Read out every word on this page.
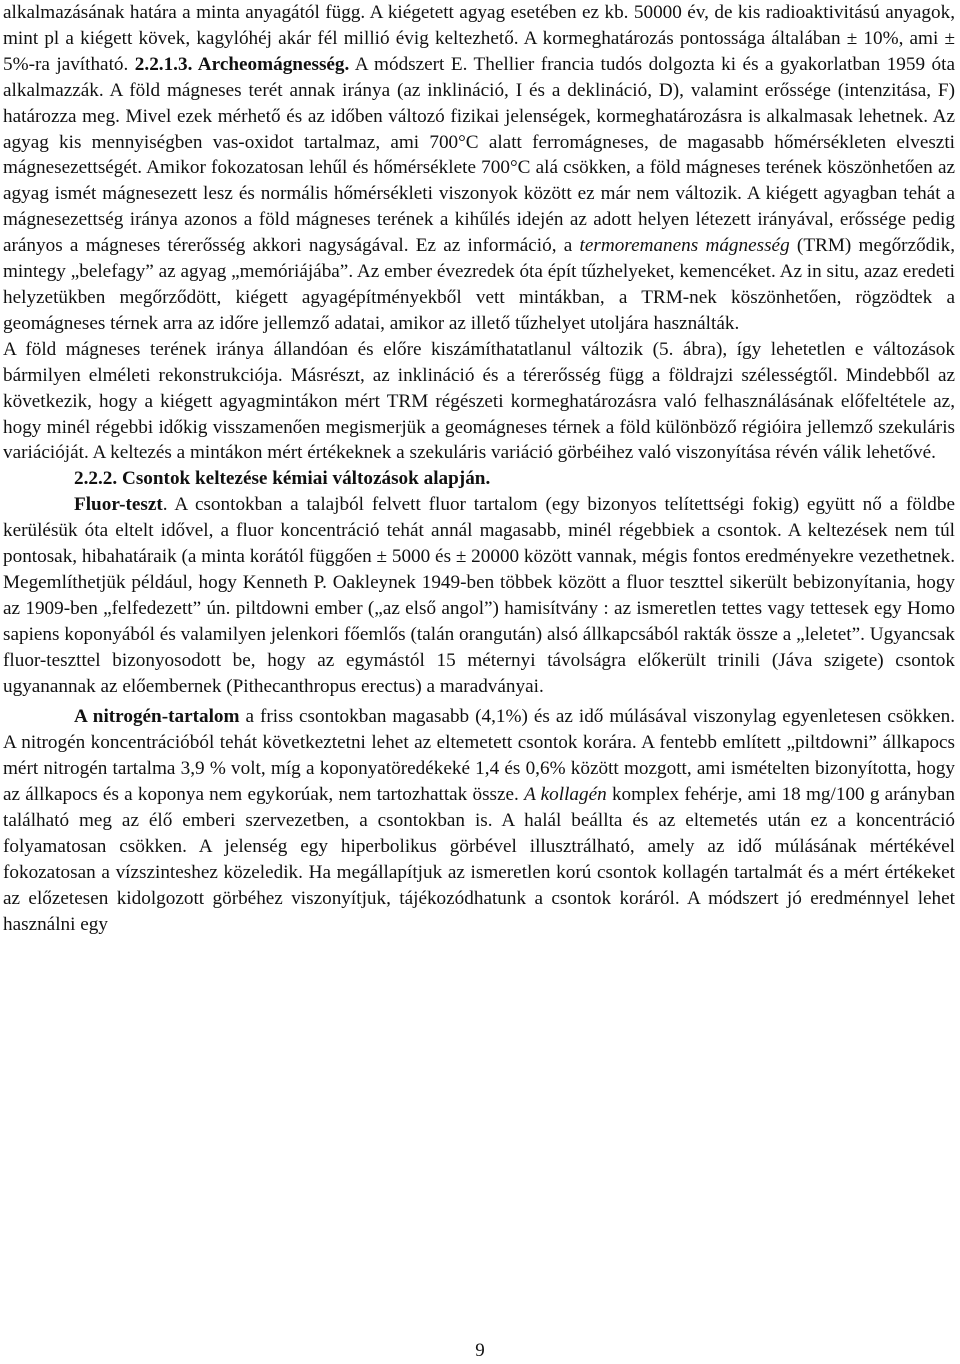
alkalmazásának határa a minta anyagától függ. A kiégetett agyag esetében ez kb. 50000 év, de kis radioaktivitású anyagok, mint pl a kiégett kövek, kagylóhéj akár fél millió évig keltezhető. A kormeghatározás pontossága általában ± 10%, ami ± 5%-ra javítható. 2.2.1.3. Archeomágnesség. A módszert E. Thellier francia tudós dolgozta ki és a gyakorlatban 1959 óta alkalmazzák. A föld mágneses terét annak iránya (az inklináció, I és a deklináció, D), valamint erőssége (intenzitása, F) határozza meg. Mivel ezek mérhető és az időben változó fizikai jelenségek, kormeghatározásra is alkalmasak lehetnek. Az agyag kis mennyiségben vas-oxidot tartalmaz, ami 700°C alatt ferromágneses, de magasabb hőmérsékleten elveszti mágnesezettségét. Amikor fokozatosan lehűl és hőmérséklete 700°C alá csökken, a föld mágneses terének köszönhetően az agyag ismét mágnesezett lesz és normális hőmérsékleti viszonyok között ez már nem változik. A kiégett agyagban tehát a mágnesezettség iránya azonos a föld mágneses terének a kihűlés idején az adott helyen létezett irányával, erőssége pedig arányos a mágneses térerősség akkori nagyságával. Ez az információ, a termoremanens mágnesség (TRM) megőrződik, mintegy „belefagy” az agyag „memóriájába”. Az ember évezredek óta épít tűzhelyeket, kemencéket. Az in situ, azaz eredeti helyzetükben megőrződött, kiégett agyagépítményekből vett mintákban, a TRM-nek köszönhetően, rögzödtek a geomágneses térnek arra az időre jellemző adatai, amikor az illető tűzhelyet utoljára használták.

A föld mágneses terének iránya állandóan és előre kiszámíthatatlanul változik (5. ábra), így lehetetlen e változások bármilyen elméleti rekonstrukciója. Másrészt, az inklináció és a térerősség függ a földrajzi szélességtől. Mindebből az következik, hogy a kiégett agyagmintákon mért TRM régészeti kormeghatározásra való felhasználásának előfeltétele az, hogy minél régebbi időkig visszamenően megismerjük a geomágneses térnek a föld különböző régióira jellemző szekuláris variációját. A keltezés a mintákon mért értékeknek a szekuláris variáció görbéihez való viszonyítása révén válik lehetővé.

2.2.2. Csontok keltezése kémiai változások alapján.

Fluor-teszt. A csontokban a talajból felvett fluor tartalom (egy bizonyos telítettségi fokig) együtt nő a földbe kerülésük óta eltelt idővel, a fluor koncentráció tehát annál magasabb, minél régebbiek a csontok. A keltezések nem túl pontosak, hibahatáraik (a minta korától függően ± 5000 és ± 20000 között vannak, mégis fontos eredményekre vezethetnek. Megemlíthetjük például, hogy Kenneth P. Oakleynek 1949-ben többek között a fluor teszttel sikerült bebizonyítania, hogy az 1909-ben „felfedezett” ún. piltdowni ember („az első angol”) hamisítvány : az ismeretlen tettes vagy tettesek egy Homo sapiens koponyából és valamilyen jelenkori főemlős (talán orangután) alsó állkapcsából rakták össze a „leletet”. Ugyancsak fluor-teszttel bizonyosodott be, hogy az egymástól 15 méternyi távolságra előkerült trinili (Jáva szigete) csontok ugyanannak az előembernek (Pithecanthropus erectus) a maradványai.

A nitrogén-tartalom a friss csontokban magasabb (4,1%) és az idő múlásával viszonylag egyenletesen csökken. A nitrogén koncentrációból tehát következtetni lehet az eltemetett csontok korára. A fentebb említett „piltdowni” állkapocs mért nitrogén tartalma 3,9 % volt, míg a koponyatöredékeké 1,4 és 0,6% között mozgott, ami ismételten bizonyította, hogy az állkapocs és a koponya nem egykorúak, nem tartozhattak össze. A kollagén komplex fehérje, ami 18 mg/100 g arányban található meg az élő emberi szervezetben, a csontokban is. A halál beállta és az eltemetés után ez a koncentráció folyamatosan csökken. A jelenség egy hiperbolikus görbével illusztrálható, amely az idő múlásának mértékével fokozatosan a vízszinteshez közeledik. Ha megállapítjuk az ismeretlen korú csontok kollagén tartalmát és a mért értékeket az előzetesen kidolgozott görbéhez viszonyítjuk, tájékozódhatunk a csontok koráról. A módszert jó eredménnyel lehet használni egy

9
